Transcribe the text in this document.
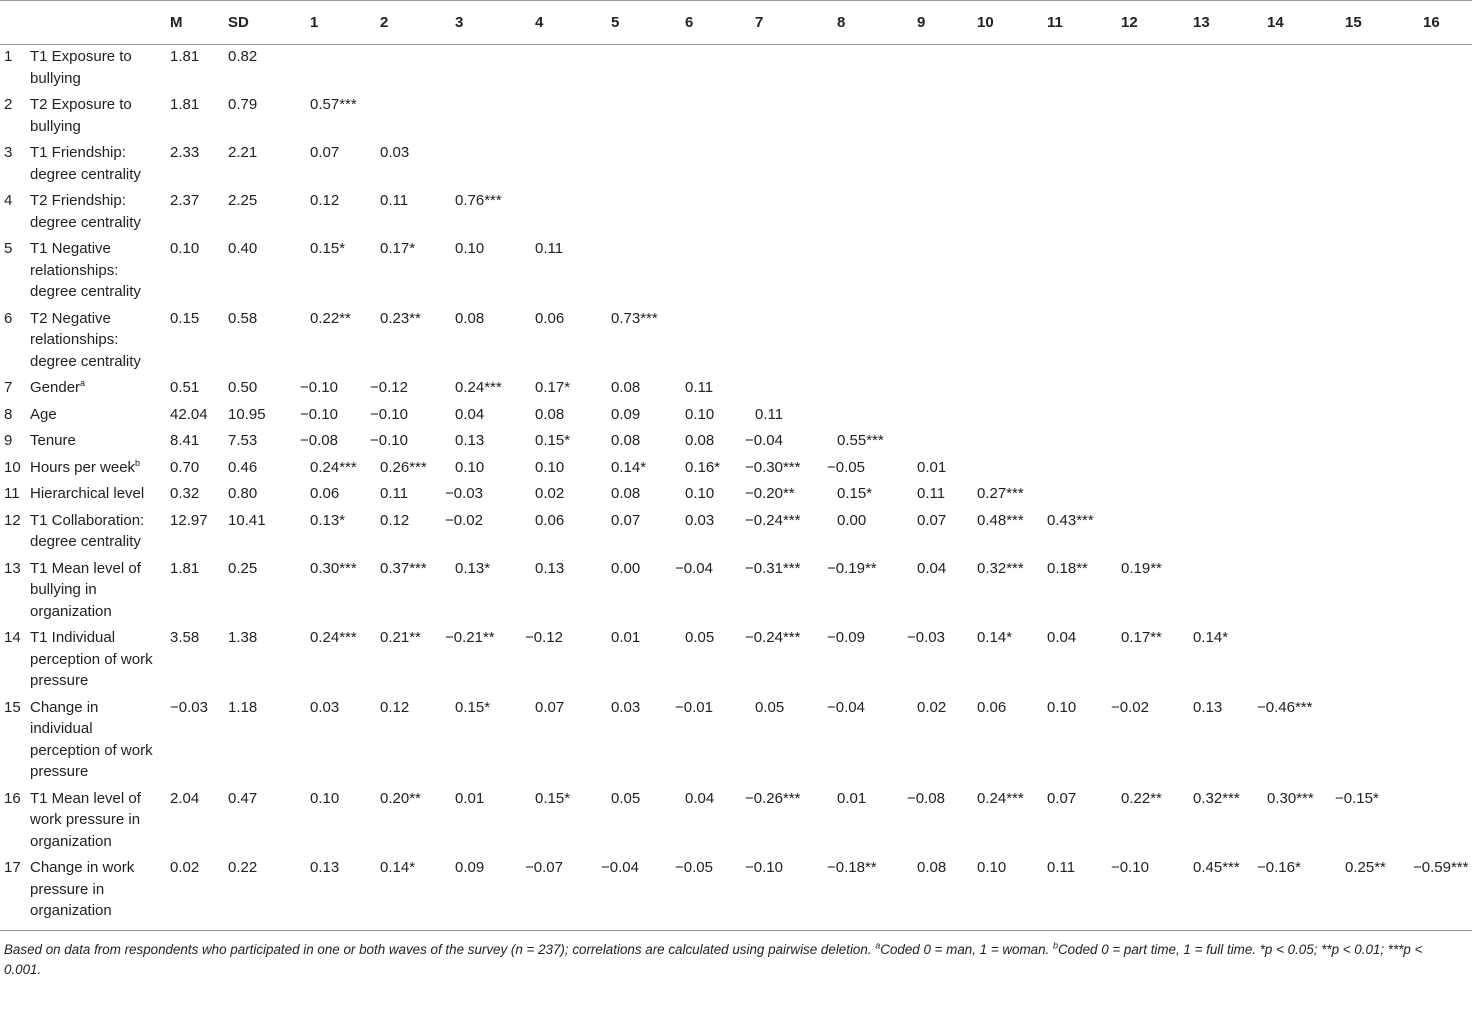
		M	SD	1	2	3	4	5	6	7	8	9	10	11	12	13	14	15	16
1	T1 Exposure to bullying	1.81	0.82																
2	T2 Exposure to bullying	1.81	0.79	0.57***															
3	T1 Friendship: degree centrality	2.33	2.21	0.07	0.03														
4	T2 Friendship: degree centrality	2.37	2.25	0.12	0.11	0.76***													
5	T1 Negative relationships: degree centrality	0.10	0.40	0.15*	0.17*	0.10	0.11												
6	T2 Negative relationships: degree centrality	0.15	0.58	0.22**	0.23**	0.08	0.06	0.73***											
7	Gender$^a$	0.51	0.50	−0.10	−0.12	0.24***	0.17*	0.08	0.11										
8	Age	42.04	10.95	−0.10	−0.10	0.04	0.08	0.09	0.10	0.11									
9	Tenure	8.41	7.53	−0.08	−0.10	0.13	0.15*	0.08	0.08	−0.04	0.55***								
10	Hours per week$^b$	0.70	0.46	0.24***	0.26***	0.10	0.10	0.14*	0.16*	−0.30***	−0.05	0.01							
11	Hierarchical level	0.32	0.80	0.06	0.11	−0.03	0.02	0.08	0.10	−0.20**	0.15*	0.11	0.27***						
12	T1 Collaboration: degree centrality	12.97	10.41	0.13*	0.12	−0.02	0.06	0.07	0.03	−0.24***	0.00	0.07	0.48***	0.43***					
13	T1 Mean level of bullying in organization	1.81	0.25	0.30***	0.37***	0.13*	0.13	0.00	−0.04	−0.31***	−0.19**	0.04	0.32***	0.18**	0.19**				
14	T1 Individual perception of work pressure	3.58	1.38	0.24***	0.21**	−0.21**	−0.12	0.01	0.05	−0.24***	−0.09	−0.03	0.14*	0.04	0.17**	0.14*			
15	Change in individual perception of work pressure	−0.03	1.18	0.03	0.12	0.15*	0.07	0.03	−0.01	0.05	−0.04	0.02	0.06	0.10	−0.02	0.13	−0.46***		
16	T1 Mean level of work pressure in organization	2.04	0.47	0.10	0.20**	0.01	0.15*	0.05	0.04	−0.26***	0.01	−0.08	0.24***	0.07	0.22**	0.32***	0.30***	−0.15*	
17	Change in work pressure in organization	0.02	0.22	0.13	0.14*	0.09	−0.07	−0.04	−0.05	−0.10	−0.18**	0.08	0.10	0.11	−0.10	0.45***	−0.16*	0.25**	−0.59***
Based on data from respondents who participated in one or both waves of the survey (n = 237); correlations are calculated using pairwise deletion. $^a$Coded 0 = man, 1 = woman. $^b$Coded 0 = part time, 1 = full time. *p < 0.05; **p < 0.01; ***p < 0.001.
